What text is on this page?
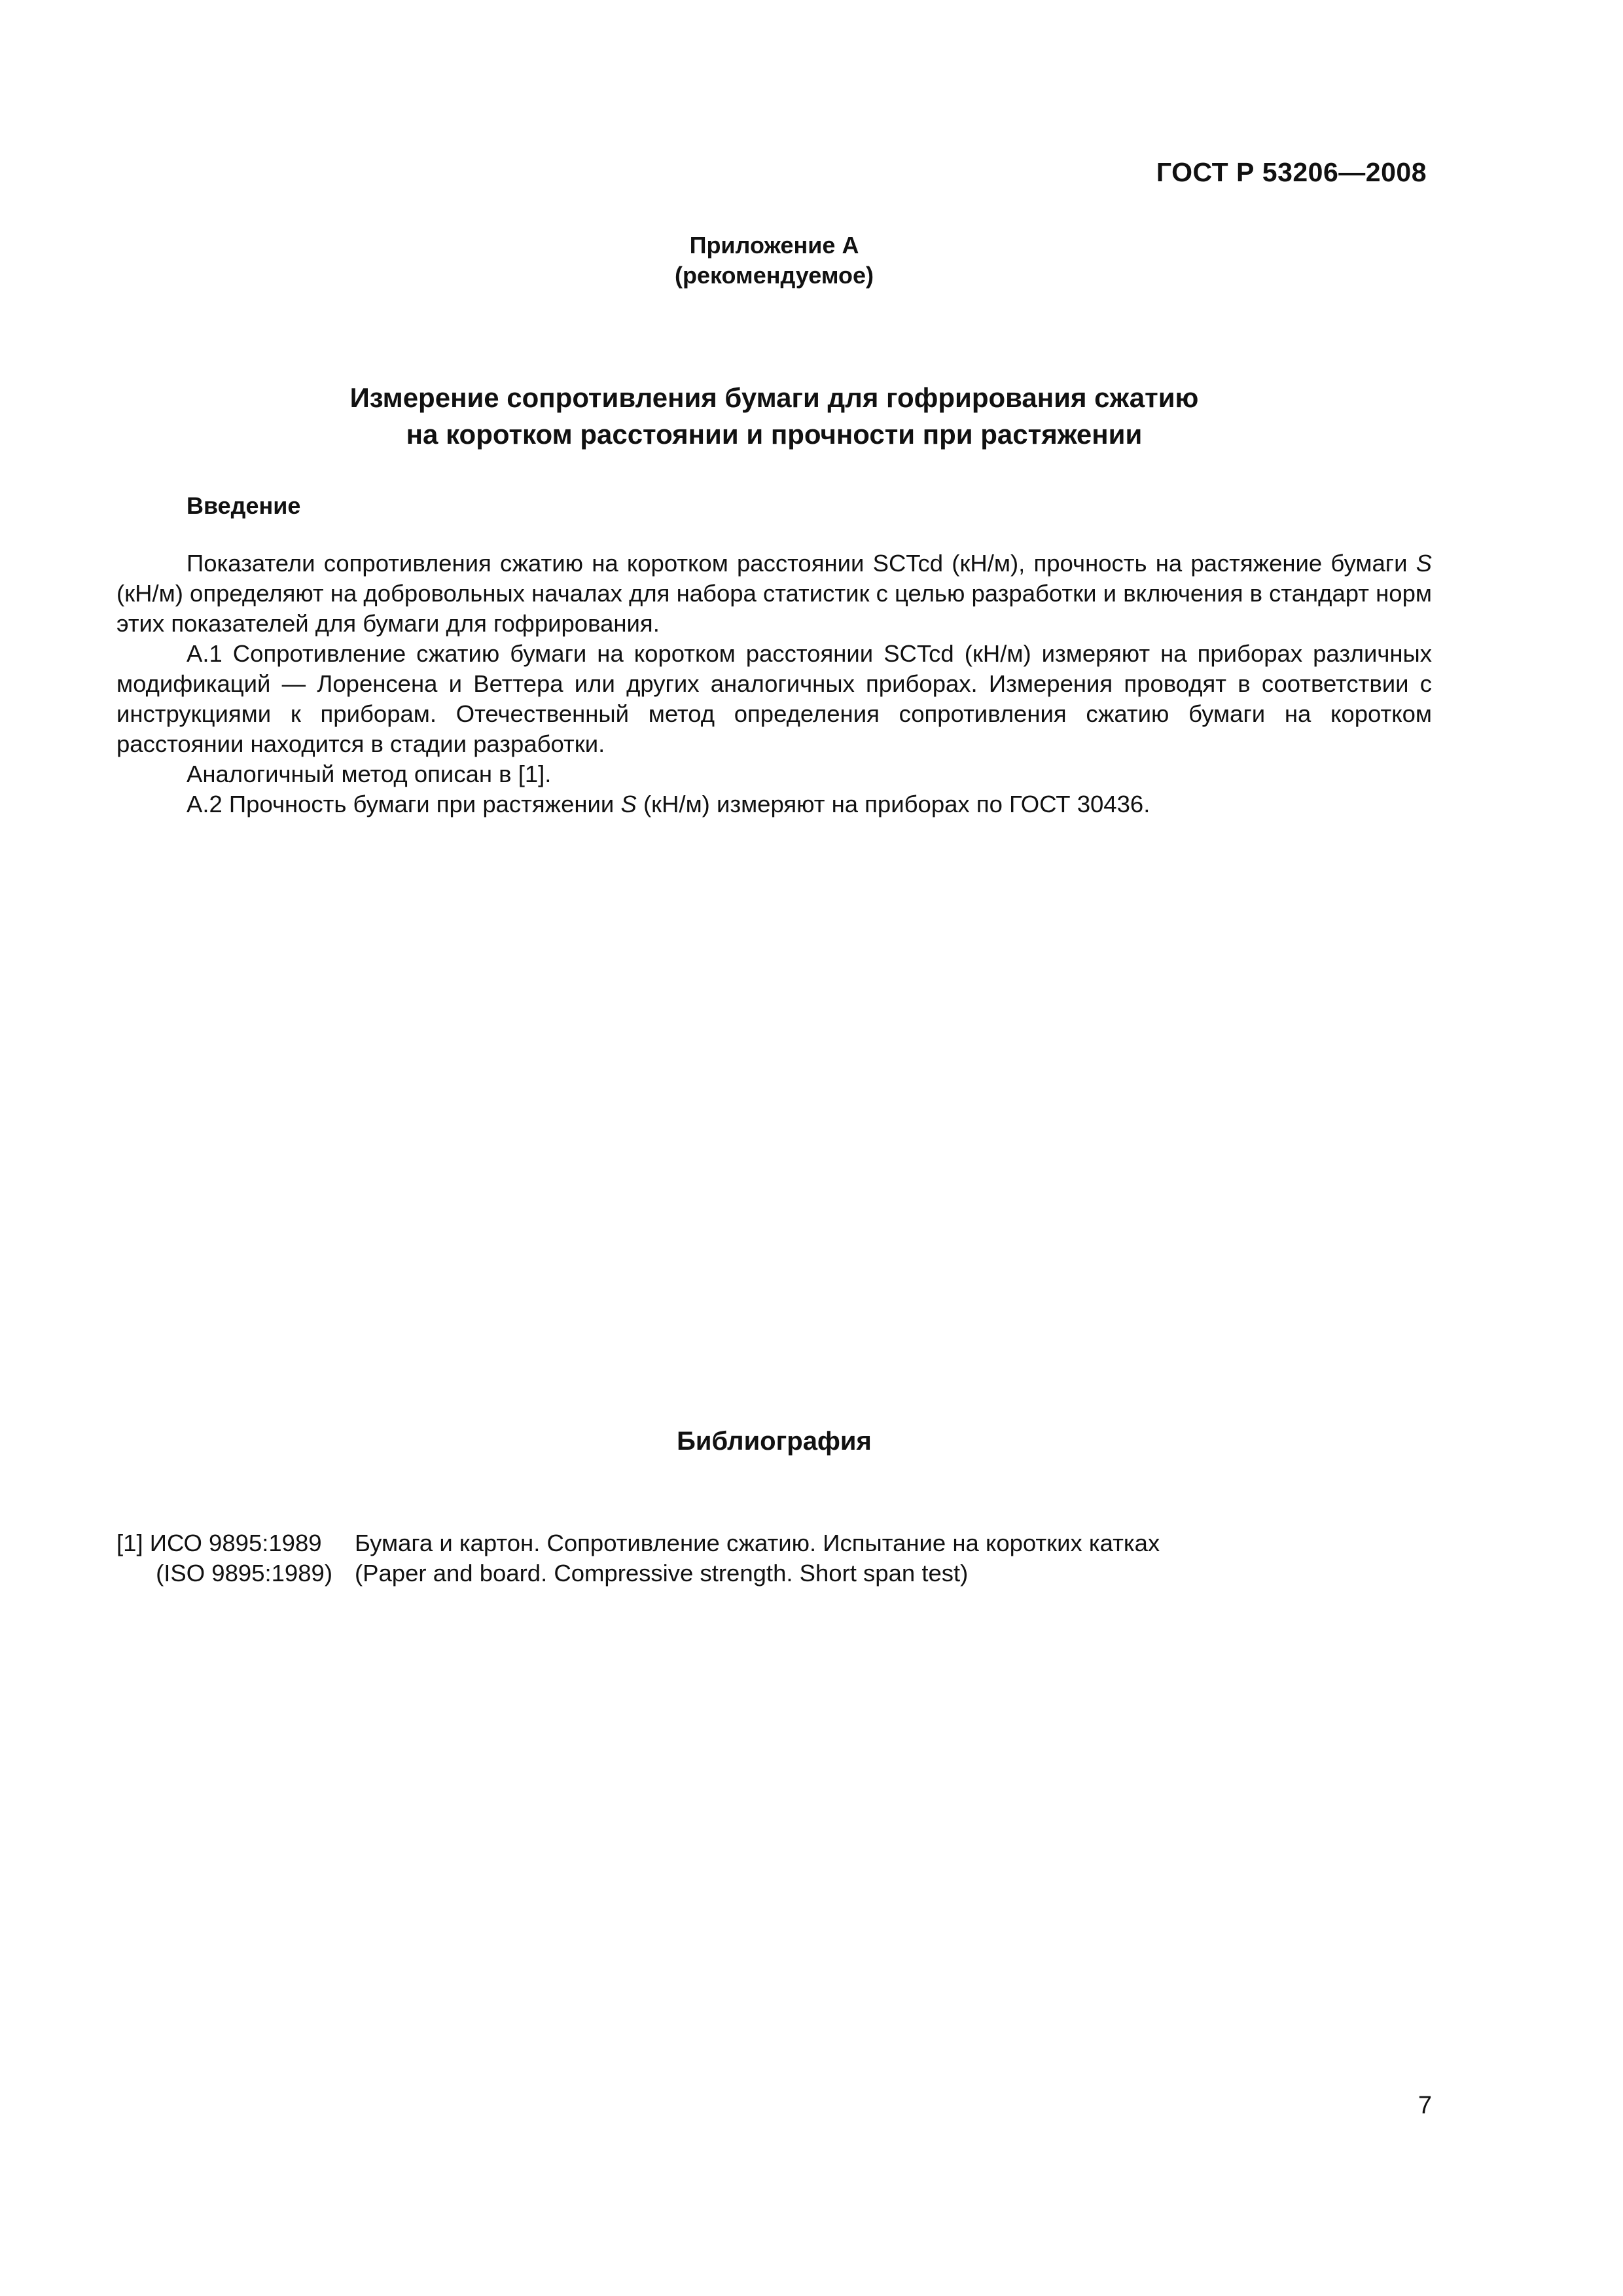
ГОСТ Р 53206—2008
Приложение А
(рекомендуемое)
Измерение сопротивления бумаги для гофрирования сжатию
на коротком расстоянии и прочности при растяжении
Введение

Показатели сопротивления сжатию на коротком расстоянии SCTcd (кН/м), прочность на растяжение бумаги S (кН/м) определяют на добровольных началах для набора статистик с целью разработки и включения в стандарт норм этих показателей для бумаги для гофрирования.

А.1 Сопротивление сжатию бумаги на коротком расстоянии SCTcd (кН/м) измеряют на приборах различных модификаций — Лоренсена и Веттера или других аналогичных приборах. Измерения проводят в соответствии с инструкциями к приборам. Отечественный метод определения сопротивления сжатию бумаги на коротком расстоянии находится в стадии разработки.

Аналогичный метод описан в [1].

А.2 Прочность бумаги при растяжении S (кН/м) измеряют на приборах по ГОСТ 30436.

Библиография
[1] ИСО 9895:1989	Бумага и картон. Сопротивление сжатию. Испытание на коротких катках
(ISO 9895:1989) (Paper and board. Compressive strength. Short span test)
7
